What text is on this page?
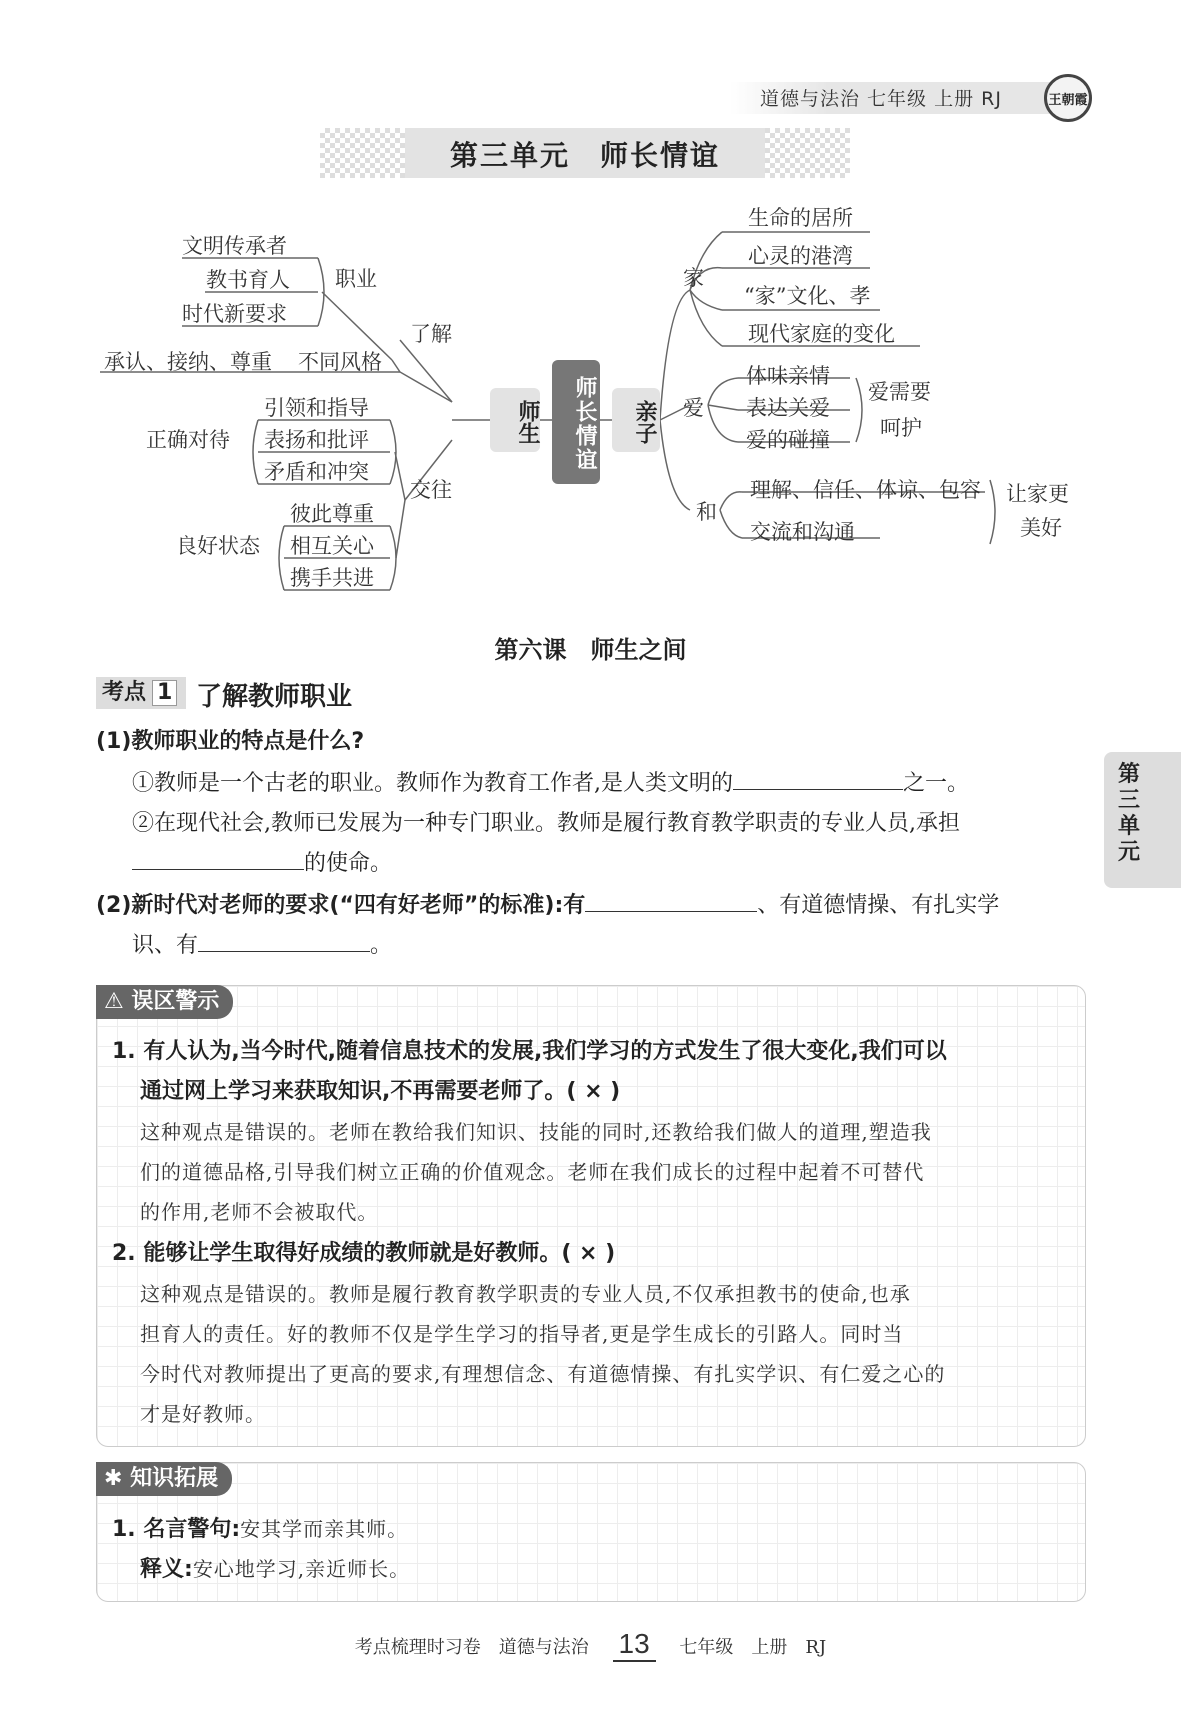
道德与法治 七年级 上册 RJ	王朝霞
第三单元　师长情谊
文明传承者
教书育人
时代新要求
职业
了解
承认、接纳、尊重 不同风格
引领和指导
表扬和批评
矛盾和冲突
正确对待
交往
彼此尊重
相互关心
携手共进
良好状态
师生	师长情谊	亲子
家
生命的居所
心灵的港湾
“家”文化、孝
现代家庭的变化
爱
体味亲情
表达关爱
爱的碰撞
爱需要
呵护
和
理解、信任、体谅、包容
交流和沟通
让家更
美好
第
三
单
元
第六课　师生之间
考点 1 了解教师职业
(1)教师职业的特点是什么?
①教师是一个古老的职业。教师作为教育工作者,是人类文明的	之一。
②在现代社会,教师已发展为一种专门职业。教师是履行教育教学职责的专业人员,承担
的使命。
(2)新时代对老师的要求(“四有好老师”的标准):有	、有道德情操、有扎实学
识、有	。
⚠ 误区警示
1. 有人认为,当今时代,随着信息技术的发展,我们学习的方式发生了很大变化,我们可以
通过网上学习来获取知识,不再需要老师了。( × )
这种观点是错误的。老师在教给我们知识、技能的同时,还教给我们做人的道理,塑造我
们的道德品格,引导我们树立正确的价值观念。老师在我们成长的过程中起着不可替代
的作用,老师不会被取代。
2. 能够让学生取得好成绩的教师就是好教师。( × )
这种观点是错误的。教师是履行教育教学职责的专业人员,不仅承担教书的使命,也承
担育人的责任。好的教师不仅是学生学习的指导者,更是学生成长的引路人。同时当
今时代对教师提出了更高的要求,有理想信念、有道德情操、有扎实学识、有仁爱之心的
才是好教师。
✱ 知识拓展
1. 名言警句:安其学而亲其师。
释义:安心地学习,亲近师长。
考点梳理时习卷　道德与法治 13 七年级　上册　RJ
